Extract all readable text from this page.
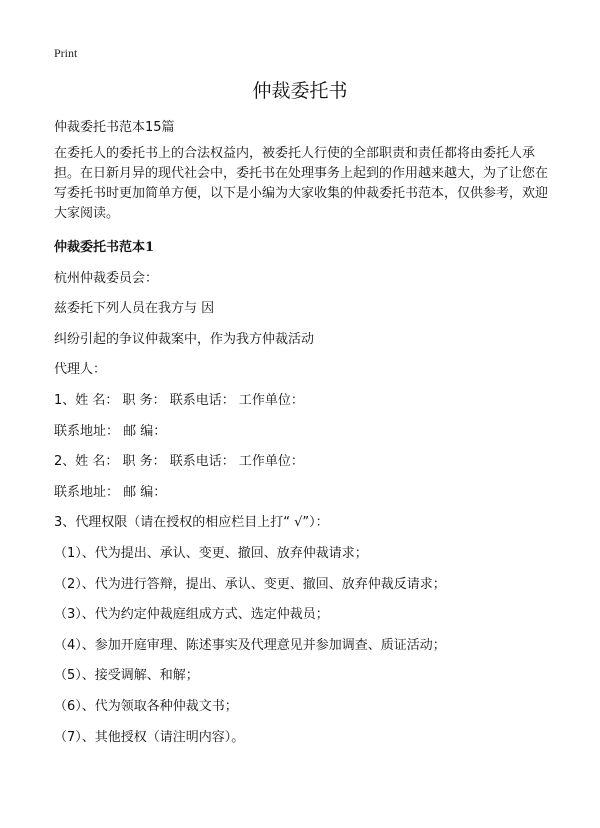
Print
仲裁委托书

仲裁委托书范本15篇

在委托人的委托书上的合法权益内，被委托人行使的全部职责和责任都将由委托人承担。在日新月异的现代社会中，委托书在处理事务上起到的作用越来越大，为了让您在写委托书时更加简单方便，以下是小编为大家收集的仲裁委托书范本，仅供参考，欢迎大家阅读。

仲裁委托书范本1

杭州仲裁委员会：

兹委托下列人员在我方与 因

纠纷引起的争议仲裁案中，作为我方仲裁活动

代理人：

1、姓 名： 职 务： 联系电话： 工作单位：

联系地址： 邮 编：

2、姓 名： 职 务： 联系电话： 工作单位：

联系地址： 邮 编：

3、代理权限（请在授权的相应栏目上打“ √”）：

（1）、代为提出、承认、变更、撤回、放弃仲裁请求；

（2）、代为进行答辩，提出、承认、变更、撤回、放弃仲裁反请求；

（3）、代为约定仲裁庭组成方式、选定仲裁员；

（4）、参加开庭审理、陈述事实及代理意见并参加调查、质证活动；

（5）、接受调解、和解；

（6）、代为领取各种仲裁文书；

（7）、其他授权（请注明内容）。
